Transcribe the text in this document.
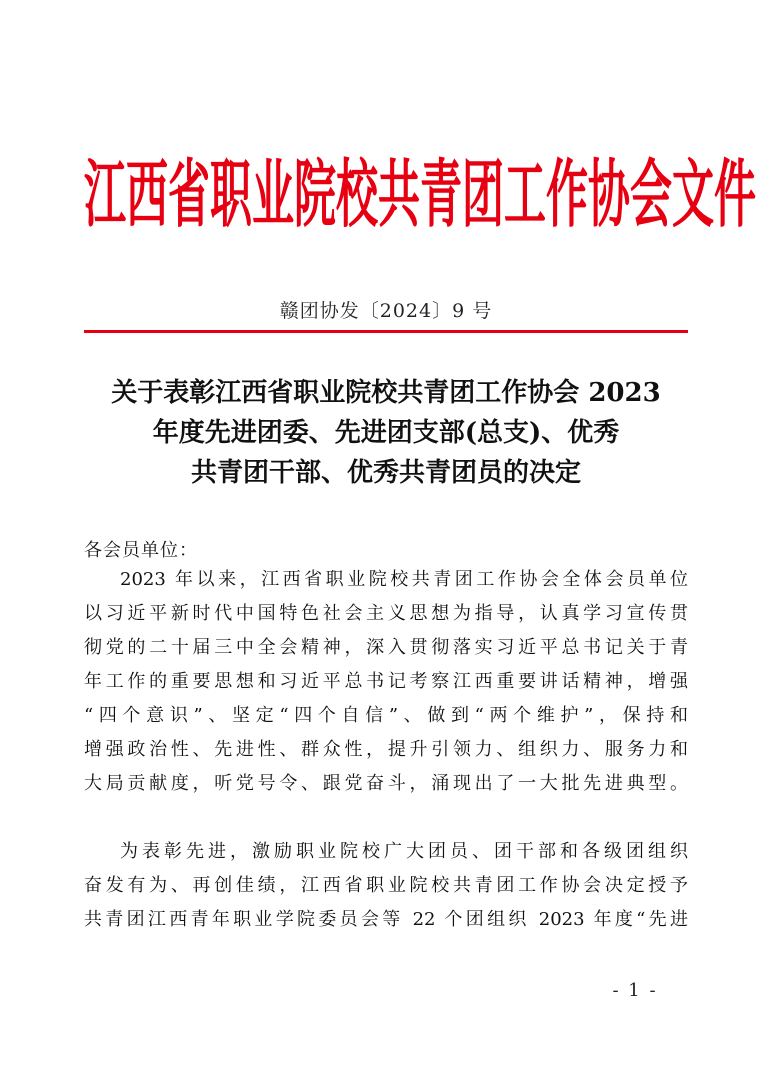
江西省职业院校共青团工作协会文件
赣团协发〔2024〕9 号
关于表彰江西省职业院校共青团工作协会 2023
年度先进团委、先进团支部(总支)、优秀
共青团干部、优秀共青团员的决定
各会员单位：
2023 年以来，江西省职业院校共青团工作协会全体会员单位
以习近平新时代中国特色社会主义思想为指导，认真学习宣传贯
彻党的二十届三中全会精神，深入贯彻落实习近平总书记关于青
年工作的重要思想和习近平总书记考察江西重要讲话精神，增强
“四个意识”、坚定“四个自信”、做到“两个维护”，保持和
增强政治性、先进性、群众性，提升引领力、组织力、服务力和
大局贡献度，听党号令、跟党奋斗，涌现出了一大批先进典型。
为表彰先进，激励职业院校广大团员、团干部和各级团组织
奋发有为、再创佳绩，江西省职业院校共青团工作协会决定授予
共青团江西青年职业学院委员会等 22 个团组织 2023 年度“先进
- 1 -
